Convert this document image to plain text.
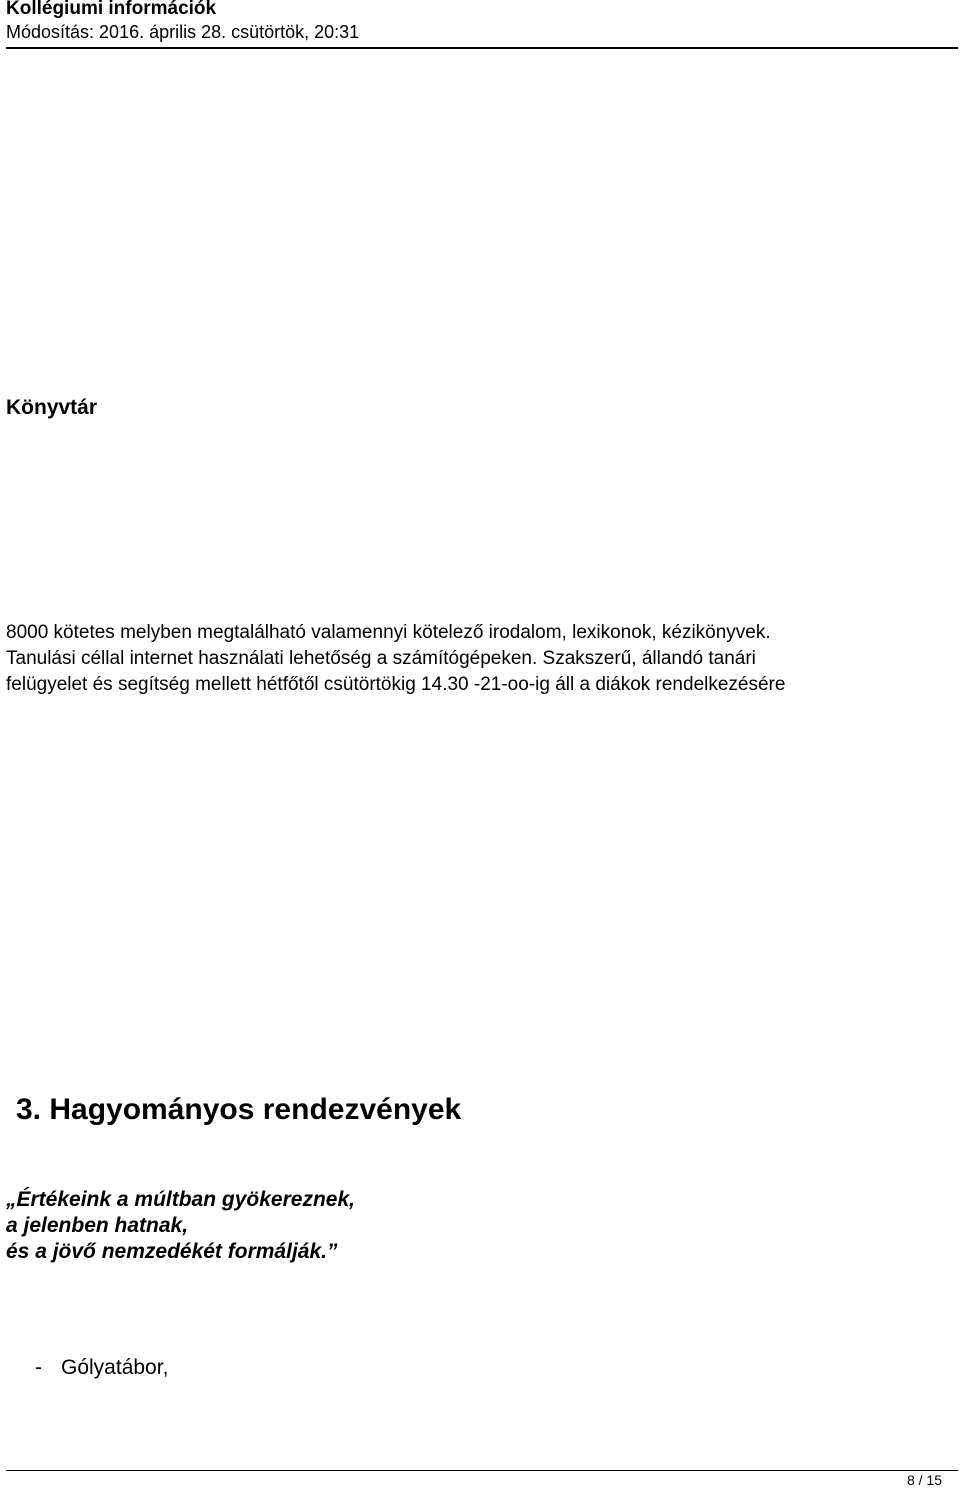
Kollégiumi információk
Módosítás: 2016. április 28. csütörtök, 20:31
Könyvtár

8000 kötetes melyben megtalálható valamennyi kötelező irodalom, lexikonok, kézikönyvek.
Tanulási céllal internet használati lehetőség a számítógépeken. Szakszerű, állandó tanári
felügyelet és segítség mellett hétfőtől csütörtökig 14.30 -21-oo-ig áll a diákok rendelkezésére

3. Hagyományos rendezvények

„Értékeink a múltban gyökereznek,
a jelenben hatnak,
és a jövő nemzedékét formálják.”

- Gólyatábor,
8 / 15
